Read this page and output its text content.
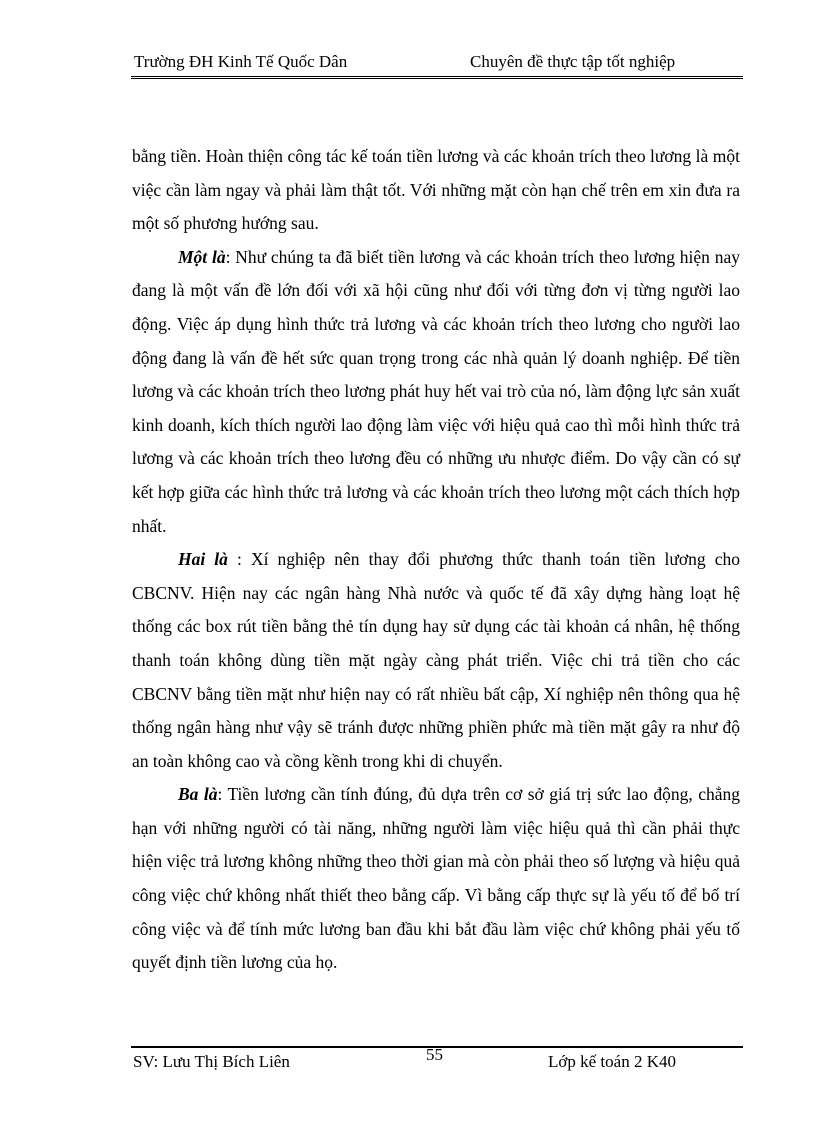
Trường ĐH Kinh Tế Quốc Dân	Chuyên đề thực tập tốt nghiệp

bằng tiền. Hoàn thiện công tác kế toán tiền lương và các khoản trích theo lương là một việc cần làm ngay và phải làm thật tốt. Với những mặt còn hạn chế trên em xin đưa ra một số phương hướng sau.

Một là: Như chúng ta đã biết tiền lương và các khoản trích theo lương hiện nay đang là một vấn đề lớn đối với xã hội cũng như đối với từng đơn vị từng người lao động. Việc áp dụng hình thức trả lương và các khoản trích theo lương cho người lao động đang là vấn đề hết sức quan trọng trong các nhà quản lý doanh nghiệp. Để tiền lương và các khoản trích theo lương phát huy hết vai trò của nó, làm động lực sản xuất kinh doanh, kích thích người lao động làm việc với hiệu quả cao thì mỗi hình thức trả lương và các khoản trích theo lương đều có những ưu nhược điểm. Do vậy cần có sự kết hợp giữa các hình thức trả lương và các khoản trích theo lương một cách thích hợp nhất.

Hai là : Xí nghiệp nên thay đổi phương thức thanh toán tiền lương cho CBCNV. Hiện nay các ngân hàng Nhà nước và quốc tế đã xây dựng hàng loạt hệ thống các box rút tiền bằng thẻ tín dụng hay sử dụng các tài khoản cá nhân, hệ thống thanh toán không dùng tiền mặt ngày càng phát triển. Việc chi trả tiền cho các CBCNV bằng tiền mặt như hiện nay có rất nhiều bất cập, Xí nghiệp nên thông qua hệ thống ngân hàng như vậy sẽ tránh được những phiền phức mà tiền mặt gây ra như độ an toàn không cao và cồng kềnh trong khi di chuyển.

Ba là: Tiền lương cần tính đúng, đủ dựa trên cơ sở giá trị sức lao động, chẳng hạn với những người có tài năng, những người làm việc hiệu quả thì cần phải thực hiện việc trả lương không những theo thời gian mà còn phải theo số lượng và hiệu quả công việc chứ không nhất thiết theo bằng cấp. Vì bằng cấp thực sự là yếu tố để bố trí công việc và để tính mức lương ban đầu khi bắt đầu làm việc chứ không phải yếu tố quyết định tiền lương của họ.

SV: Lưu Thị Bích Liên	55	Lớp kế toán 2 K40
